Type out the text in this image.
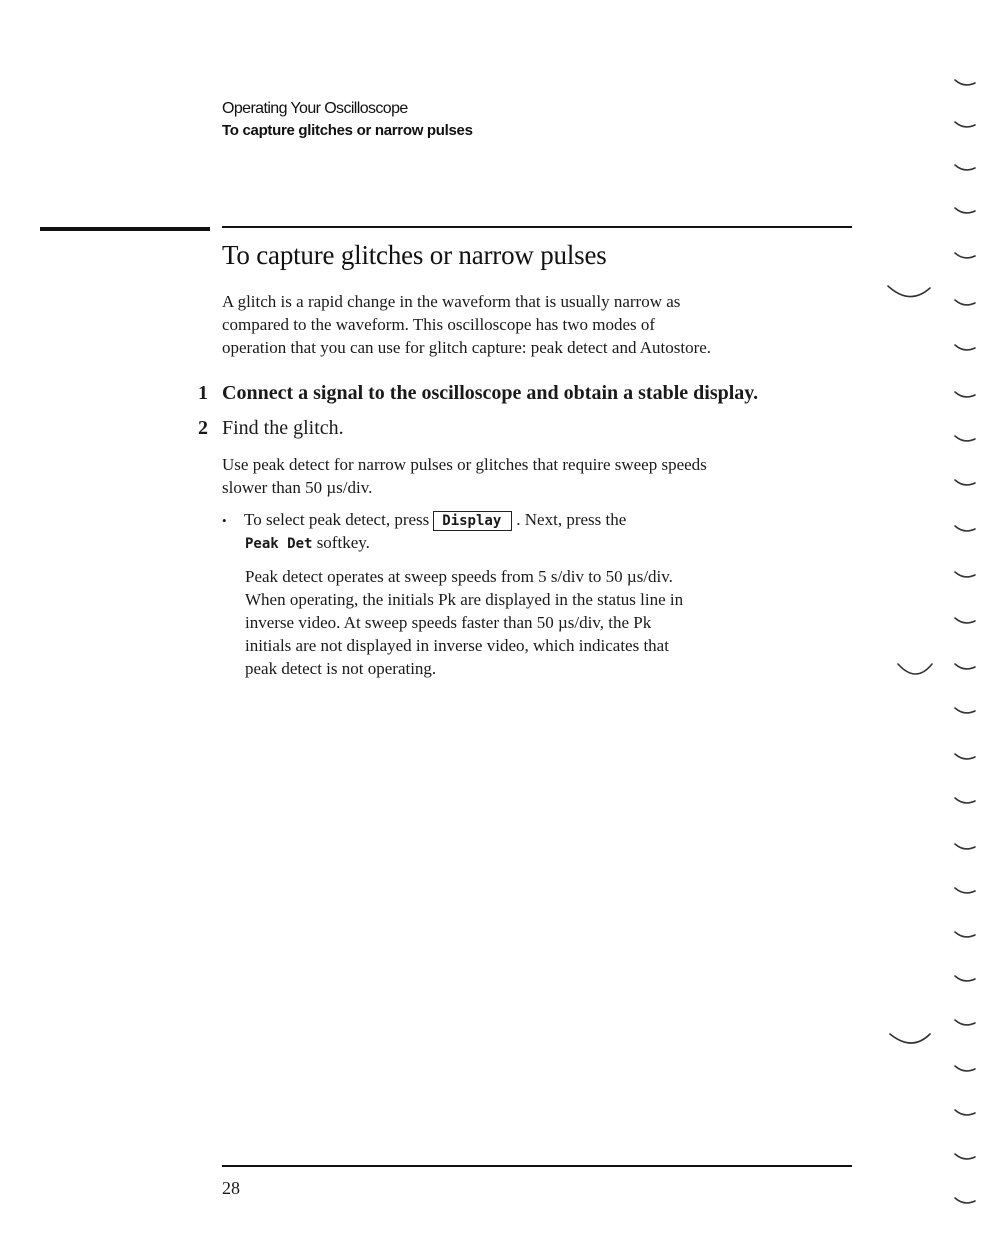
Operating Your Oscilloscope
To capture glitches or narrow pulses
To capture glitches or narrow pulses
A glitch is a rapid change in the waveform that is usually narrow as
compared to the waveform. This oscilloscope has two modes of
operation that you can use for glitch capture: peak detect and Autostore.
1 Connect a signal to the oscilloscope and obtain a stable display.
2 Find the glitch.
Use peak detect for narrow pulses or glitches that require sweep speeds
slower than 50 µs/div.
• To select peak detect, press Display . Next, press the
Peak Det softkey.
Peak detect operates at sweep speeds from 5 s/div to 50 µs/div.
When operating, the initials Pk are displayed in the status line in
inverse video. At sweep speeds faster than 50 µs/div, the Pk
initials are not displayed in inverse video, which indicates that
peak detect is not operating.
28
